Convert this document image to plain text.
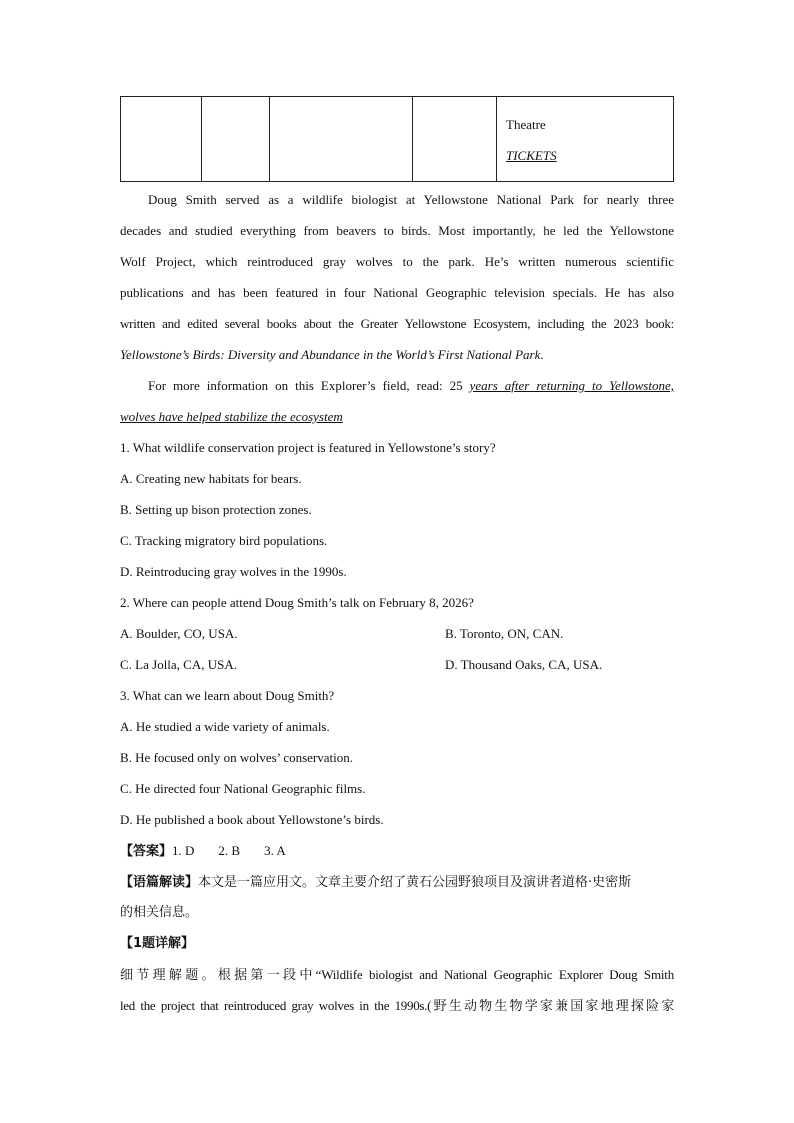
Theatre
TICKETS
Doug Smith served as a wildlife biologist at Yellowstone National Park for nearly three
decades and studied everything from beavers to birds. Most importantly, he led the Yellowstone
Wolf Project, which reintroduced gray wolves to the park. He’s written numerous scientific
publications and has been featured in four National Geographic television specials. He has also
written and edited several books about the Greater Yellowstone Ecosystem, including the 2023 book:
Yellowstone’s Birds: Diversity and Abundance in the World’s First National Park.
For more information on this Explorer’s field, read: 25 years after returning to Yellowstone,
wolves have helped stabilize the ecosystem
1. What wildlife conservation project is featured in Yellowstone’s story?
A. Creating new habitats for bears.
B. Setting up bison protection zones.
C. Tracking migratory bird populations.
D. Reintroducing gray wolves in the 1990s.
2. Where can people attend Doug Smith’s talk on February 8, 2026?
A. Boulder, CO, USA.	B. Toronto, ON, CAN.
C. La Jolla, CA, USA.	D. Thousand Oaks, CA, USA.
3. What can we learn about Doug Smith?
A. He studied a wide variety of animals.
B. He focused only on wolves’ conservation.
C. He directed four National Geographic films.
D. He published a book about Yellowstone’s birds.
【答案】1. D 2. B 3. A
【语篇解读】本文是一篇应用文。文章主要介绍了黄石公园野狼项目及演讲者道格·史密斯
的相关信息。
【1题详解】
细节理解题。根据第一段中“Wildlife biologist and National Geographic Explorer Doug Smith
led the project that reintroduced gray wolves in the 1990s.(野生动物生物学家兼国家地理探险家
